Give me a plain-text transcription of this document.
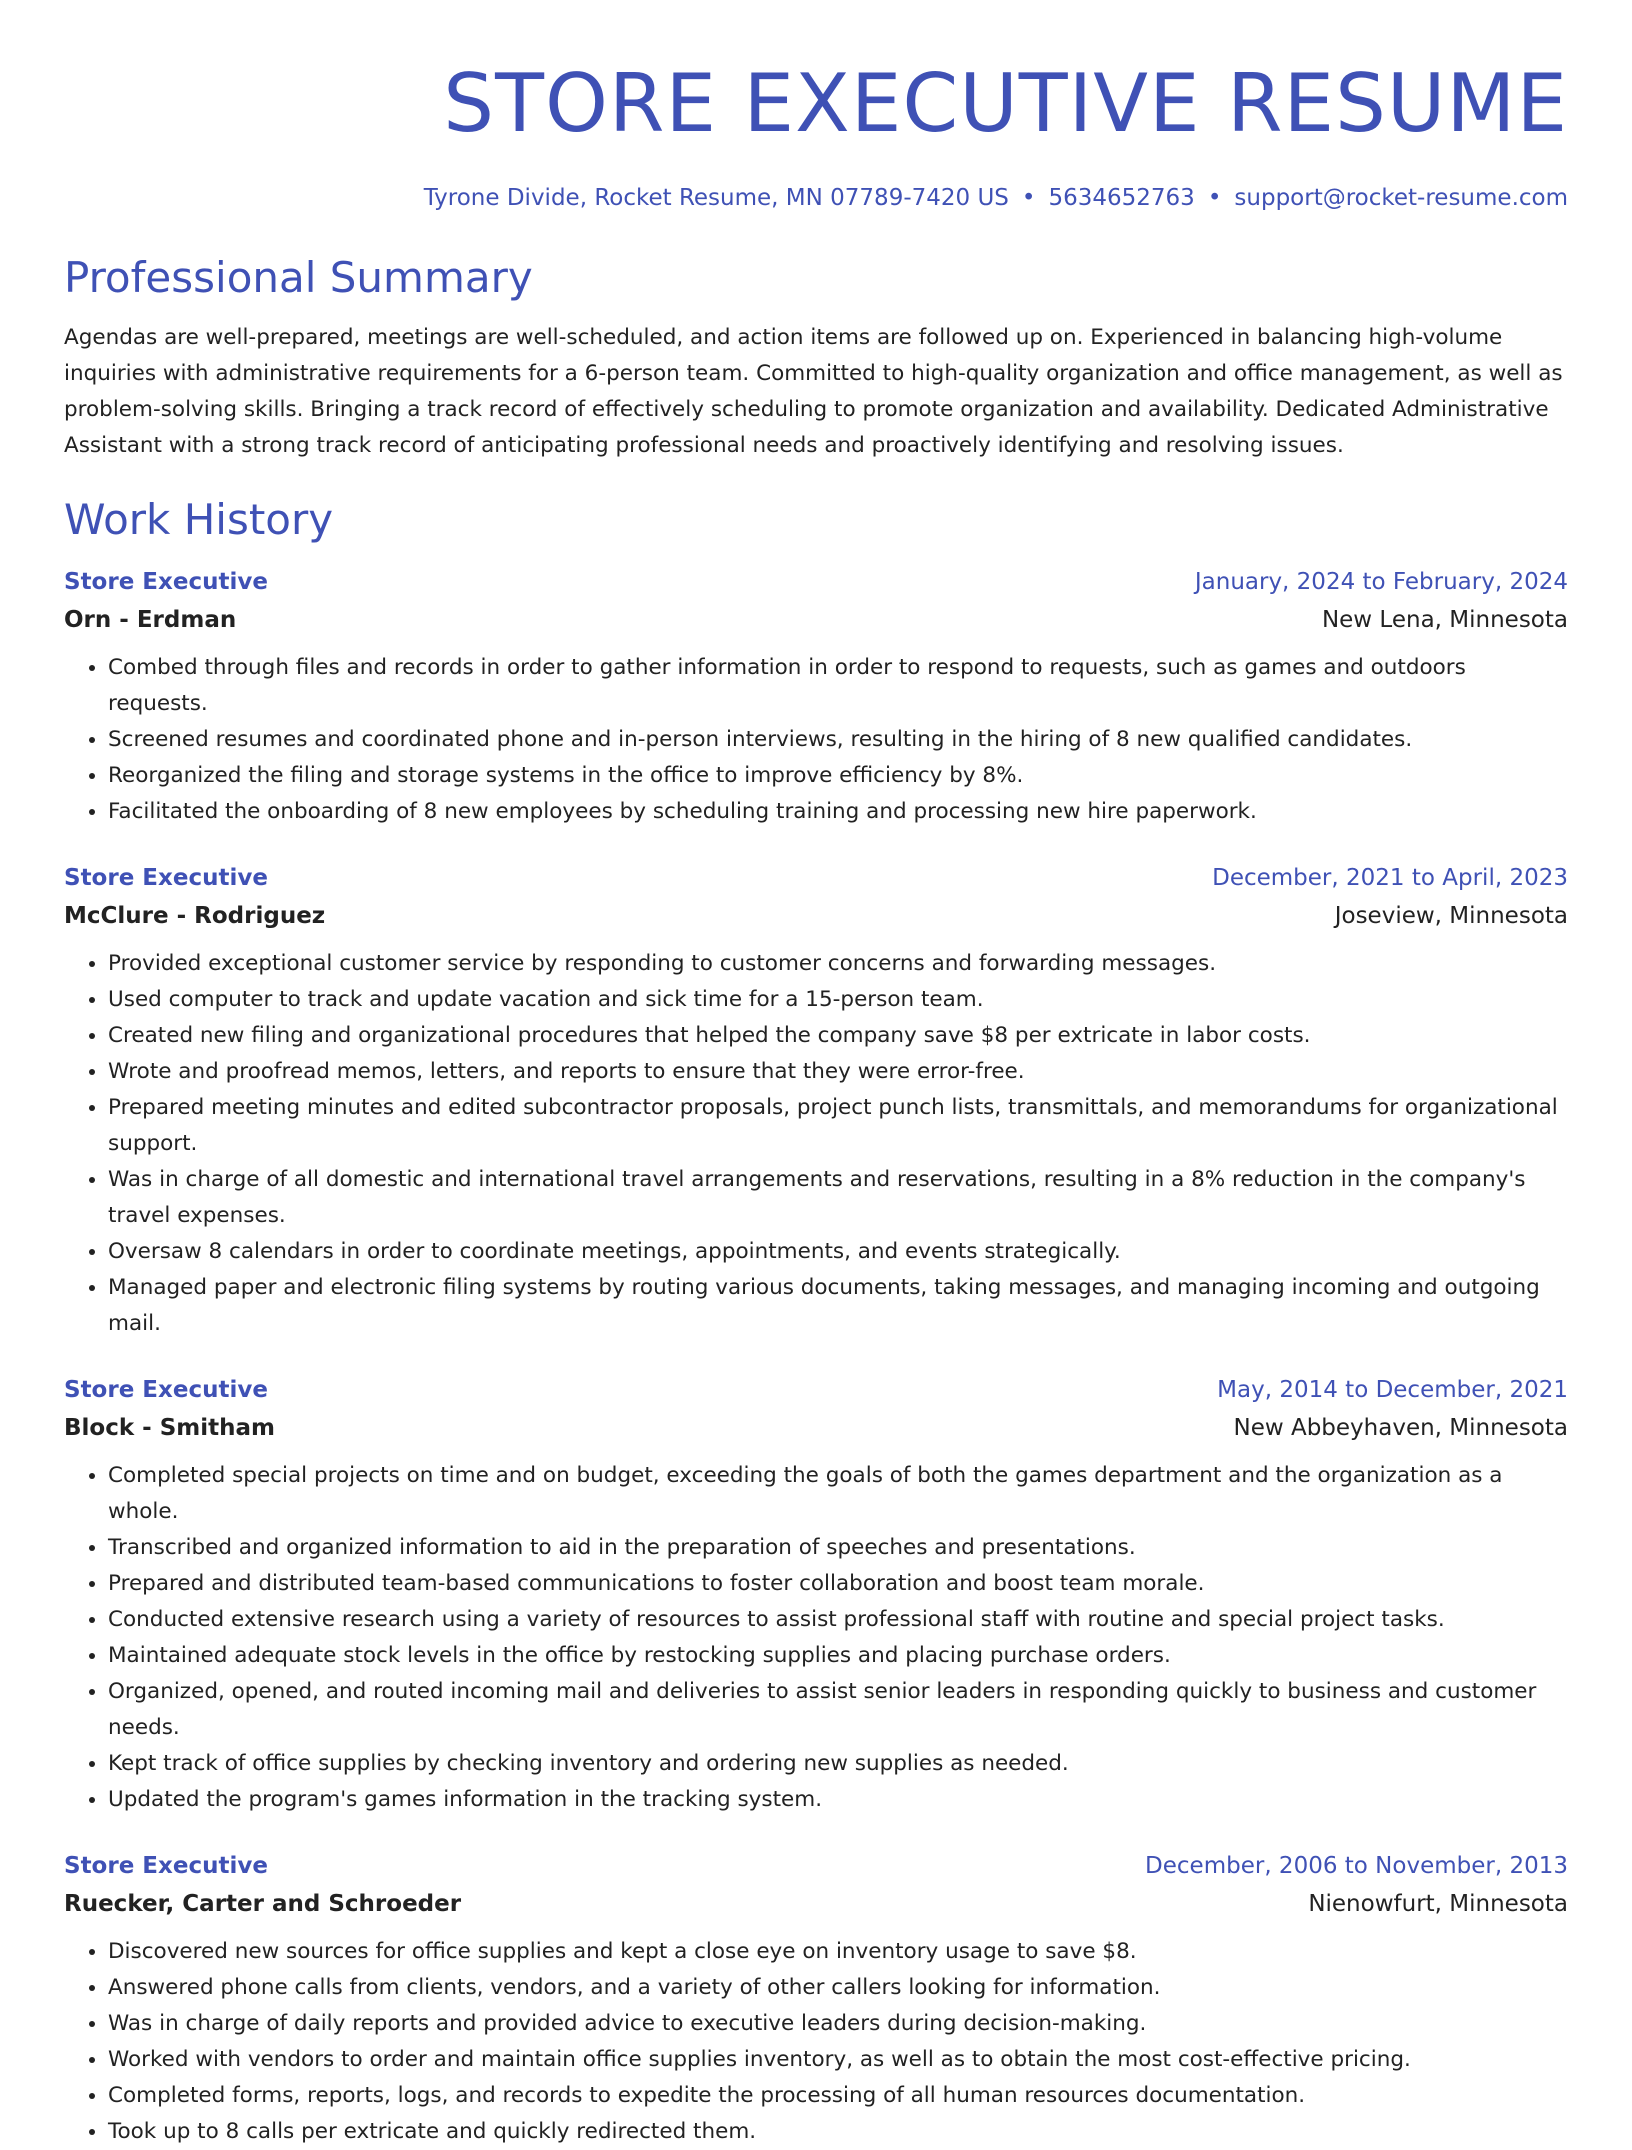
STORE EXECUTIVE RESUME
Tyrone Divide, Rocket Resume, MN 07789-7420 US • 5634652763 • support@rocket-resume.com
Professional Summary
Agendas are well-prepared, meetings are well-scheduled, and action items are followed up on. Experienced in balancing high-volume inquiries with administrative requirements for a 6-person team. Committed to high-quality organization and office management, as well as problem-solving skills. Bringing a track record of effectively scheduling to promote organization and availability. Dedicated Administrative Assistant with a strong track record of anticipating professional needs and proactively identifying and resolving issues.
Work History
Store Executive	January, 2024 to February, 2024
Orn - Erdman	New Lena, Minnesota
• Combed through files and records in order to gather information in order to respond to requests, such as games and outdoors requests.
• Screened resumes and coordinated phone and in-person interviews, resulting in the hiring of 8 new qualified candidates.
• Reorganized the filing and storage systems in the office to improve efficiency by 8%.
• Facilitated the onboarding of 8 new employees by scheduling training and processing new hire paperwork.
Store Executive	December, 2021 to April, 2023
McClure - Rodriguez	Joseview, Minnesota
• Provided exceptional customer service by responding to customer concerns and forwarding messages.
• Used computer to track and update vacation and sick time for a 15-person team.
• Created new filing and organizational procedures that helped the company save $8 per extricate in labor costs.
• Wrote and proofread memos, letters, and reports to ensure that they were error-free.
• Prepared meeting minutes and edited subcontractor proposals, project punch lists, transmittals, and memorandums for organizational support.
• Was in charge of all domestic and international travel arrangements and reservations, resulting in a 8% reduction in the company's travel expenses.
• Oversaw 8 calendars in order to coordinate meetings, appointments, and events strategically.
• Managed paper and electronic filing systems by routing various documents, taking messages, and managing incoming and outgoing mail.
Store Executive	May, 2014 to December, 2021
Block - Smitham	New Abbeyhaven, Minnesota
• Completed special projects on time and on budget, exceeding the goals of both the games department and the organization as a whole.
• Transcribed and organized information to aid in the preparation of speeches and presentations.
• Prepared and distributed team-based communications to foster collaboration and boost team morale.
• Conducted extensive research using a variety of resources to assist professional staff with routine and special project tasks.
• Maintained adequate stock levels in the office by restocking supplies and placing purchase orders.
• Organized, opened, and routed incoming mail and deliveries to assist senior leaders in responding quickly to business and customer needs.
• Kept track of office supplies by checking inventory and ordering new supplies as needed.
• Updated the program's games information in the tracking system.
Store Executive	December, 2006 to November, 2013
Ruecker, Carter and Schroeder	Nienowfurt, Minnesota
• Discovered new sources for office supplies and kept a close eye on inventory usage to save $8.
• Answered phone calls from clients, vendors, and a variety of other callers looking for information.
• Was in charge of daily reports and provided advice to executive leaders during decision-making.
• Worked with vendors to order and maintain office supplies inventory, as well as to obtain the most cost-effective pricing.
• Completed forms, reports, logs, and records to expedite the processing of all human resources documentation.
• Took up to 8 calls per extricate and quickly redirected them.
